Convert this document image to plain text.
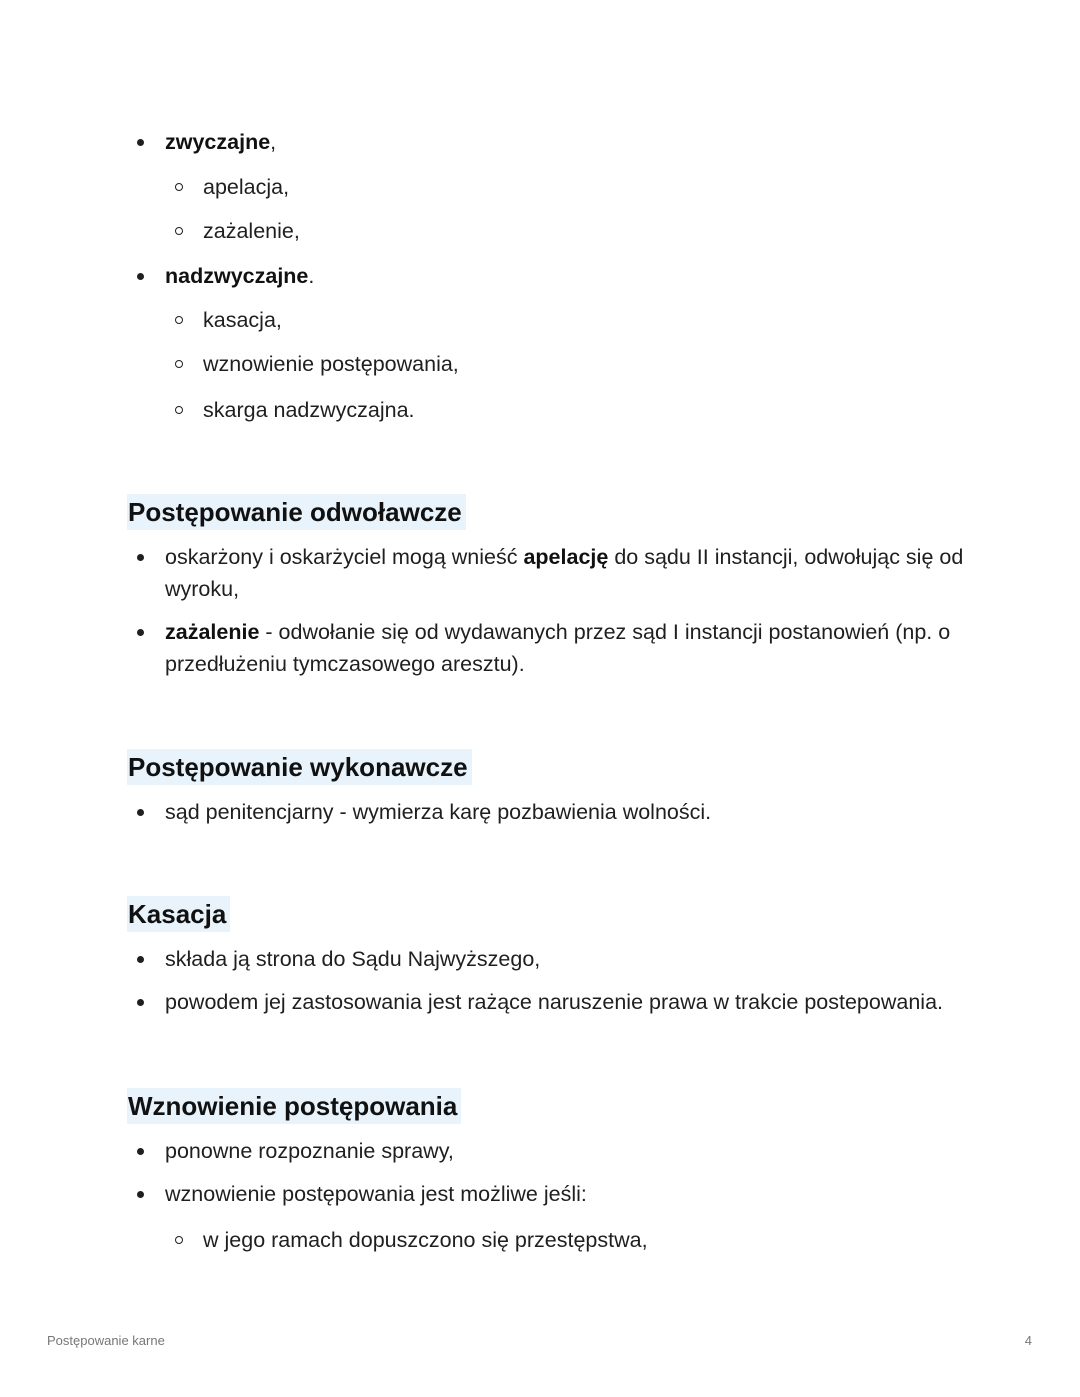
zwyczajne,
apelacja,
zażalenie,
nadzwyczajne.
kasacja,
wznowienie postępowania,
skarga nadzwyczajna.
Postępowanie odwoławcze
oskarżony i oskarżyciel mogą wnieść apelację do sądu II instancji, odwołując się od
wyroku,
zażalenie - odwołanie się od wydawanych przez sąd I instancji postanowień (np. o
przedłużeniu tymczasowego aresztu).
Postępowanie wykonawcze
sąd penitencjarny - wymierza karę pozbawienia wolności.
Kasacja
składa ją strona do Sądu Najwyższego,
powodem jej zastosowania jest rażące naruszenie prawa w trakcie postepowania.
Wznowienie postępowania
ponowne rozpoznanie sprawy,
wznowienie postępowania jest możliwe jeśli:
w jego ramach dopuszczono się przestępstwa,
Postępowanie karne	4
